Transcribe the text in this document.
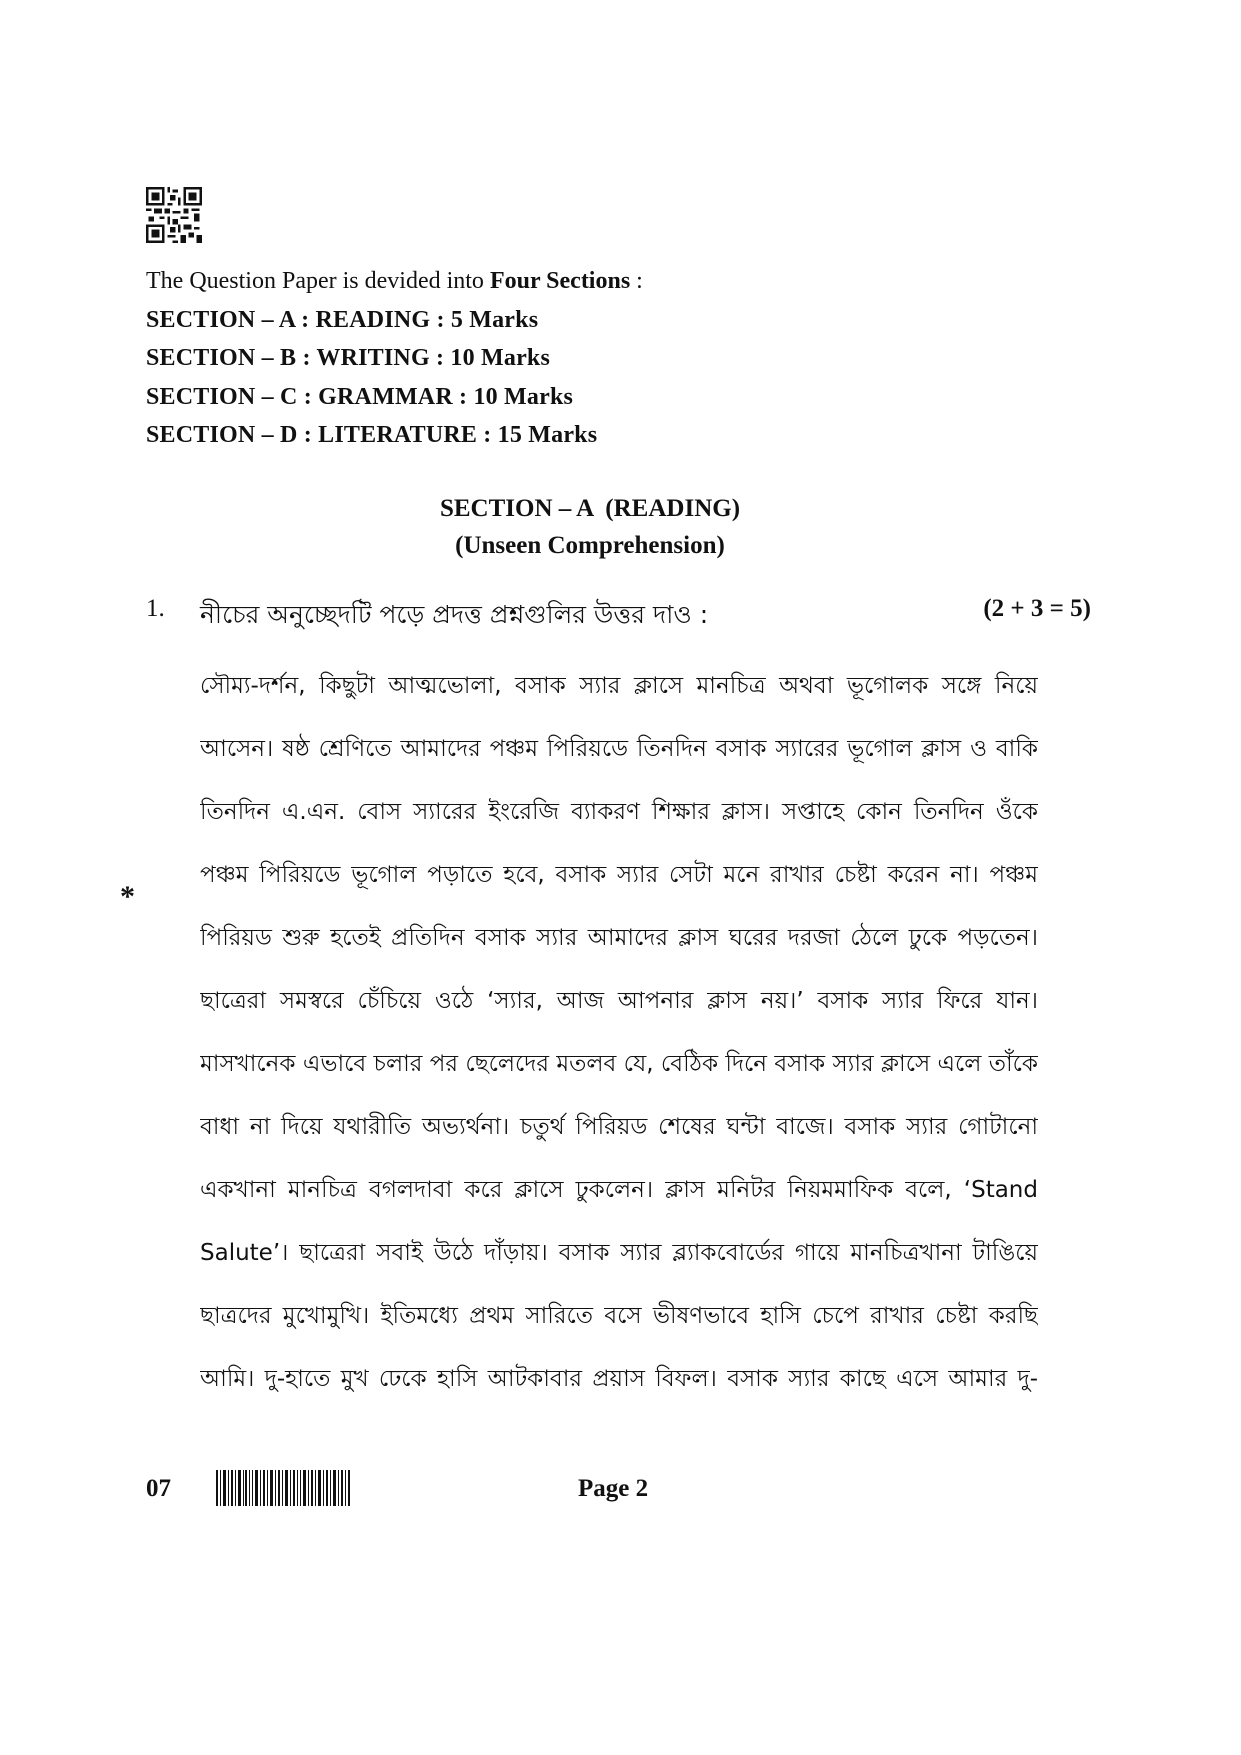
The Question Paper is devided into Four Sections :
SECTION – A : READING : 5 Marks
SECTION – B : WRITING : 10 Marks
SECTION – C : GRAMMAR : 10 Marks
SECTION – D : LITERATURE : 15 Marks
SECTION – A  (READING)
(Unseen Comprehension)
1. নীচের অনুচ্ছেদটি পড়ে প্রদত্ত প্রশ্নগুলির উত্তর দাও :	(2 + 3 = 5)
*
সৌম্য-দর্শন, কিছুটা আত্মভোলা, বসাক স্যার ক্লাসে মানচিত্র অথবা ভূগোলক সঙ্গে নিয়ে
আসেন। ষষ্ঠ শ্রেণিতে আমাদের পঞ্চম পিরিয়ডে তিনদিন বসাক স্যারের ভূগোল ক্লাস ও বাকি
তিনদিন এ.এন. বোস স্যারের ইংরেজি ব্যাকরণ শিক্ষার ক্লাস। সপ্তাহে কোন তিনদিন ওঁকে
পঞ্চম পিরিয়ডে ভূগোল পড়াতে হবে, বসাক স্যার সেটা মনে রাখার চেষ্টা করেন না। পঞ্চম
পিরিয়ড শুরু হতেই প্রতিদিন বসাক স্যার আমাদের ক্লাস ঘরের দরজা ঠেলে ঢুকে পড়তেন।
ছাত্রেরা সমস্বরে চেঁচিয়ে ওঠে ‘স্যার, আজ আপনার ক্লাস নয়।’ বসাক স্যার ফিরে যান।
মাসখানেক এভাবে চলার পর ছেলেদের মতলব যে, বেঠিক দিনে বসাক স্যার ক্লাসে এলে তাঁকে
বাধা না দিয়ে যথারীতি অভ্যর্থনা। চতুর্থ পিরিয়ড শেষের ঘন্টা বাজে। বসাক স্যার গোটানো
একখানা মানচিত্র বগলদাবা করে ক্লাসে ঢুকলেন। ক্লাস মনিটর নিয়মমাফিক বলে, ‘Stand
Salute’। ছাত্রেরা সবাই উঠে দাঁড়ায়। বসাক স্যার ব্ল্যাকবোর্ডের গায়ে মানচিত্রখানা টাঙিয়ে
ছাত্রদের মুখোমুখি। ইতিমধ্যে প্রথম সারিতে বসে ভীষণভাবে হাসি চেপে রাখার চেষ্টা করছি
আমি। দু-হাতে মুখ ঢেকে হাসি আটকাবার প্রয়াস বিফল। বসাক স্যার কাছে এসে আমার দু-
07	Page 2
